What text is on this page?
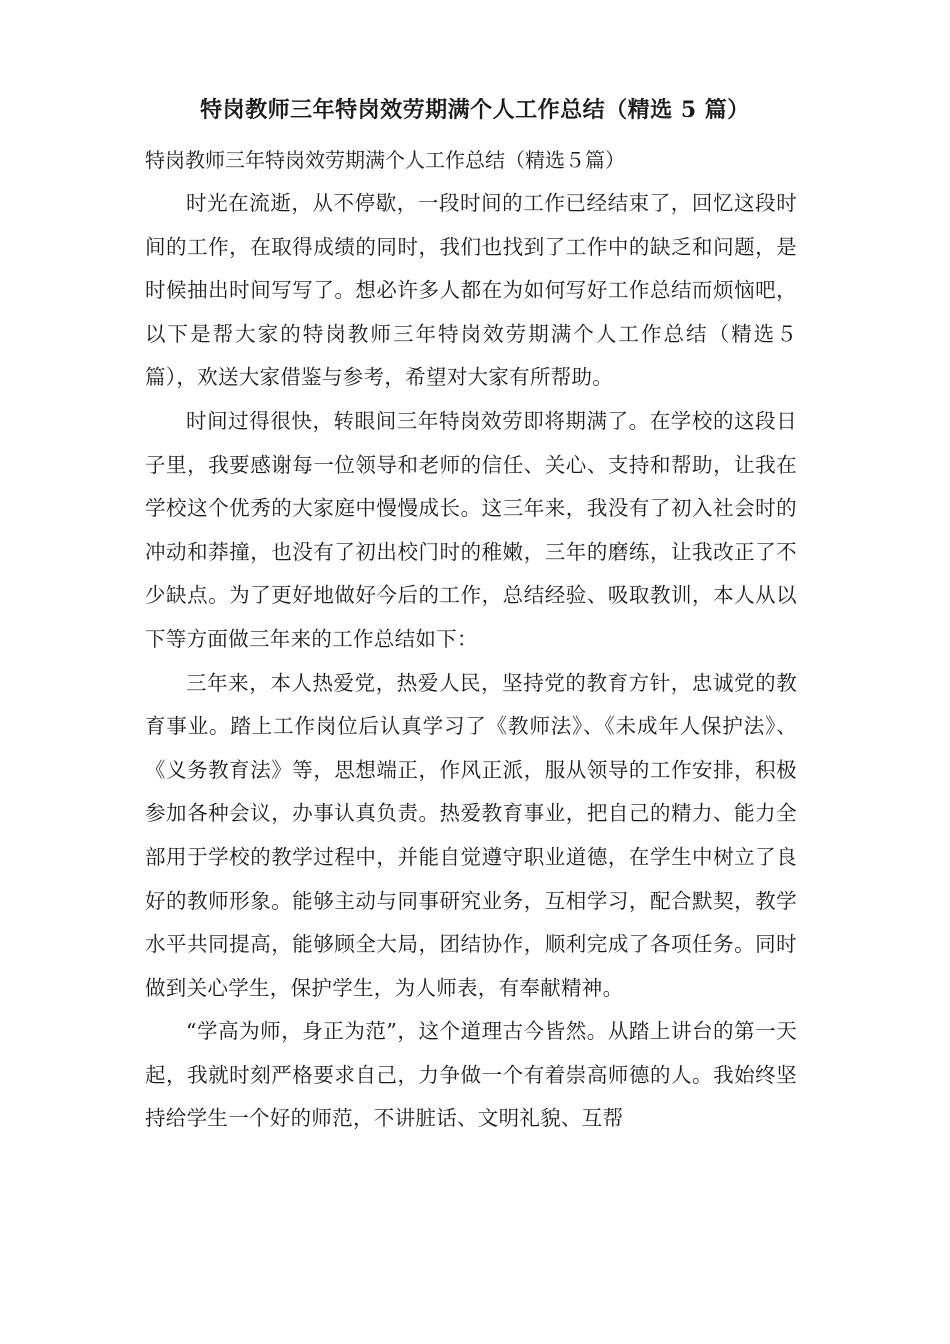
特岗教师三年特岗效劳期满个人工作总结（精选 5 篇）

特岗教师三年特岗效劳期满个人工作总结（精选５篇）

时光在流逝，从不停歇，一段时间的工作已经结束了，回忆这段时间的工作，在取得成绩的同时，我们也找到了工作中的缺乏和问题，是时候抽出时间写写了。想必许多人都在为如何写好工作总结而烦恼吧，以下是帮大家的特岗教师三年特岗效劳期满个人工作总结（精选５篇），欢送大家借鉴与参考，希望对大家有所帮助。

时间过得很快，转眼间三年特岗效劳即将期满了。在学校的这段日子里，我要感谢每一位领导和老师的信任、关心、支持和帮助，让我在学校这个优秀的大家庭中慢慢成长。这三年来，我没有了初入社会时的冲动和莽撞，也没有了初出校门时的稚嫩，三年的磨练，让我改正了不少缺点。为了更好地做好今后的工作，总结经验、吸取教训，本人从以下等方面做三年来的工作总结如下：

三年来，本人热爱党，热爱人民，坚持党的教育方针，忠诚党的教育事业。踏上工作岗位后认真学习了《教师法》、《未成年人保护法》、《义务教育法》等，思想端正，作风正派，服从领导的工作安排，积极参加各种会议，办事认真负责。热爱教育事业，把自己的精力、能力全部用于学校的教学过程中，并能自觉遵守职业道德，在学生中树立了良好的教师形象。能够主动与同事研究业务，互相学习，配合默契，教学水平共同提高，能够顾全大局，团结协作，顺利完成了各项任务。同时做到关心学生，保护学生，为人师表，有奉献精神。

“学高为师，身正为范”，这个道理古今皆然。从踏上讲台的第一天起，我就时刻严格要求自己，力争做一个有着崇高师德的人。我始终坚持给学生一个好的师范，不讲脏话、文明礼貌、互帮
